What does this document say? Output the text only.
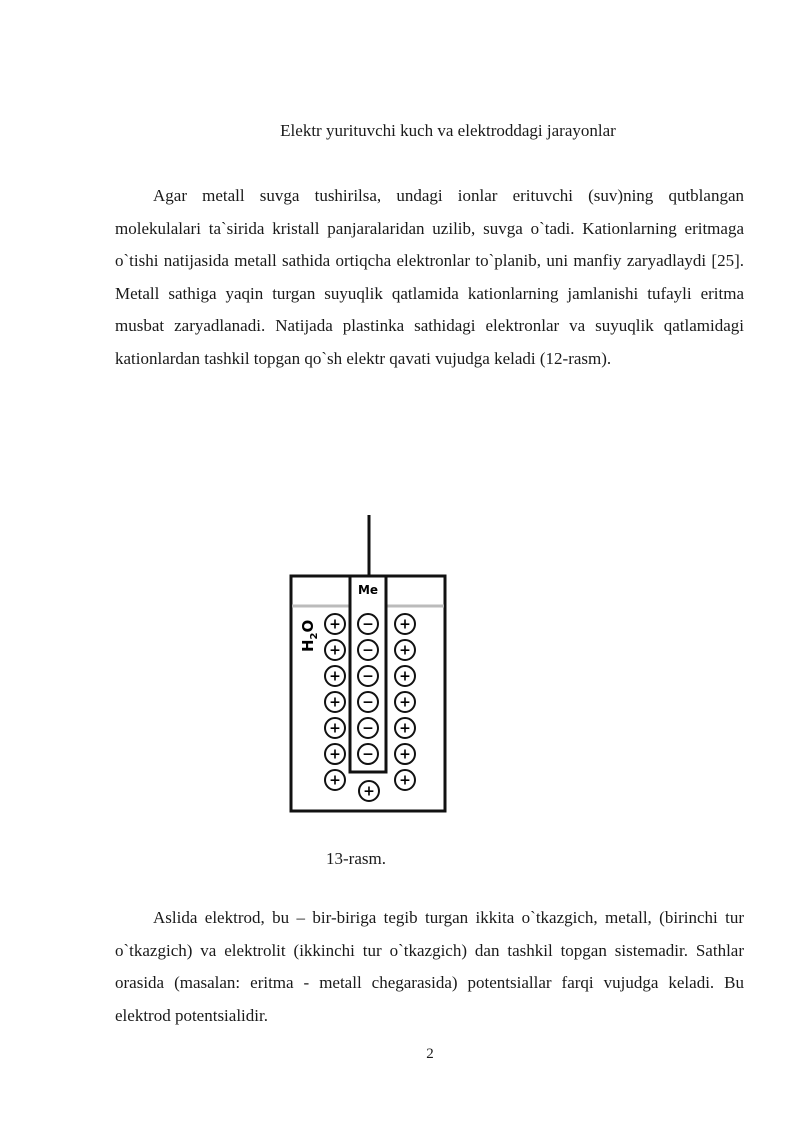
Elektr yurituvchi kuch va elektroddagi jarayonlar

Agar metall suvga tushirilsa, undagi ionlar erituvchi (suv)ning qutblangan molekulalari ta`sirida kristall panjaralaridan uzilib, suvga o`tadi. Kationlarning eritmaga o`tishi natijasida metall sathida ortiqcha elektronlar to`planib, uni manfiy zaryadlaydi [25]. Metall sathiga yaqin turgan suyuqlik qatlamida kationlarning jamlanishi tufayli eritma musbat zaryadlanadi. Natijada plastinka sathidagi elektronlar va suyuqlik qatlamidagi kationlardan tashkil topgan qo`sh elektr qavati vujudga keladi (12-rasm).

Me
$H_2O$ +	+
−
+	+
−
+	+
−
+	+
−
+	+
−
+	+
−
+	+
+
13-rasm.

Aslida elektrod, bu – bir-biriga tegib turgan ikkita o`tkazgich, metall, (birinchi tur o`tkazgich) va elektrolit (ikkinchi tur o`tkazgich) dan tashkil topgan sistemadir. Sathlar orasida (masalan: eritma - metall chegarasida) potentsiallar farqi vujudga keladi. Bu elektrod potentsialidir.

2
